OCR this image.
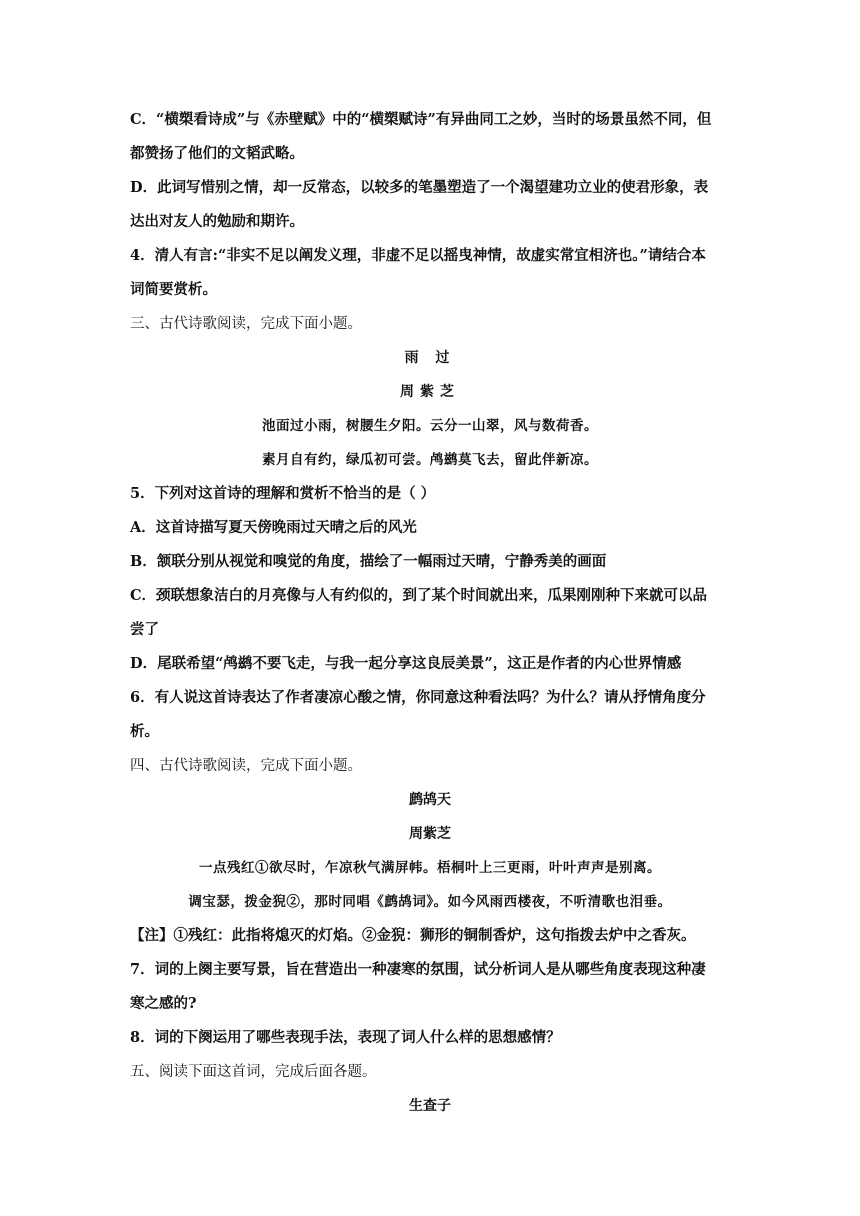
C．“横槊看诗成”与《赤壁赋》中的“横槊赋诗”有异曲同工之妙，当时的场景虽然不同，但
都赞扬了他们的文韬武略。
D．此词写惜别之情，却一反常态，以较多的笔墨塑造了一个渴望建功立业的使君形象，表
达出对友人的勉励和期许。
4．清人有言:“非实不足以阐发义理，非虚不足以摇曳神情，故虚实常宜相济也。”请结合本
词简要赏析。
三、古代诗歌阅读，完成下面小题。
雨 过
周紫芝
池面过小雨，树腰生夕阳。云分一山翠，风与数荷香。
素月自有约，绿瓜初可尝。鸬鹚莫飞去，留此伴新凉。
5．下列对这首诗的理解和赏析不恰当的是（ ）
A．这首诗描写夏天傍晚雨过天晴之后的风光
B．颔联分别从视觉和嗅觉的角度，描绘了一幅雨过天晴，宁静秀美的画面
C．颈联想象洁白的月亮像与人有约似的，到了某个时间就出来，瓜果刚刚种下来就可以品
尝了
D．尾联希望“鸬鹚不要飞走，与我一起分享这良辰美景”，这正是作者的内心世界情感
6．有人说这首诗表达了作者凄凉心酸之情，你同意这种看法吗？为什么？请从抒情角度分
析。
四、古代诗歌阅读，完成下面小题。
鹧鸪天
周紫芝
一点残红①欲尽时，乍凉秋气满屏帏。梧桐叶上三更雨，叶叶声声是别离。
调宝瑟，拨金猊②，那时同唱《鹧鸪词》。如今风雨西楼夜，不听清歌也泪垂。
【注】①残红：此指将熄灭的灯焰。②金猊：狮形的铜制香炉，这句指拨去炉中之香灰。
7．词的上阕主要写景，旨在营造出一种凄寒的氛围，试分析词人是从哪些角度表现这种凄
寒之感的?
8．词的下阕运用了哪些表现手法，表现了词人什么样的思想感情？
五、阅读下面这首词，完成后面各题。
生查子
